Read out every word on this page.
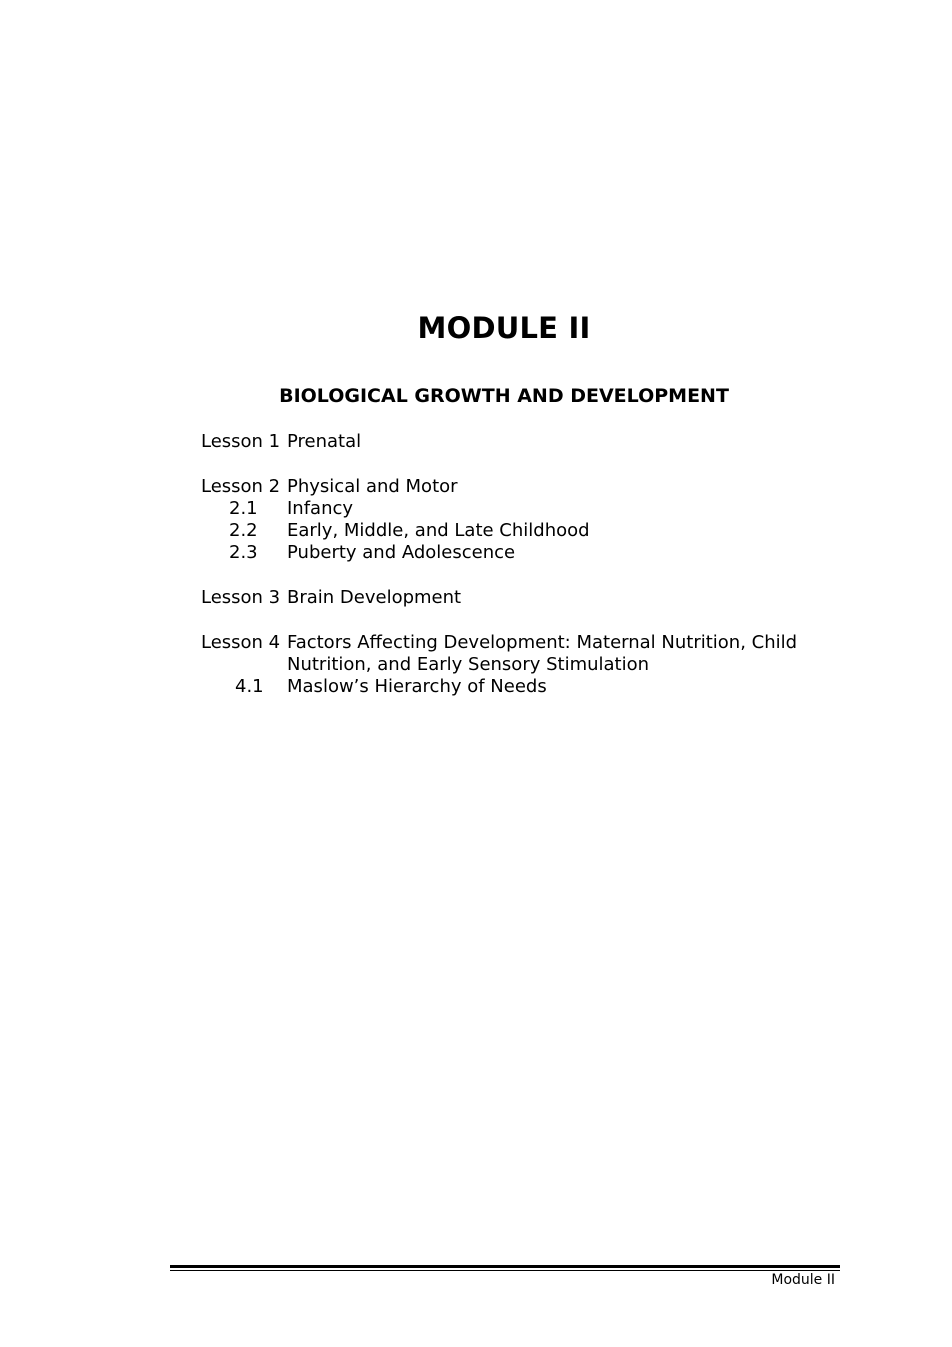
MODULE II
BIOLOGICAL GROWTH AND DEVELOPMENT
Lesson 1 Prenatal
Lesson 2 Physical and Motor
2.1	Infancy
2.2	Early, Middle, and Late Childhood
2.3	Puberty and Adolescence
Lesson 3 Brain Development
Lesson 4 Factors Affecting Development: Maternal Nutrition, Child Nutrition, and Early Sensory Stimulation
4.1	Maslow’s Hierarchy of Needs
Module II
